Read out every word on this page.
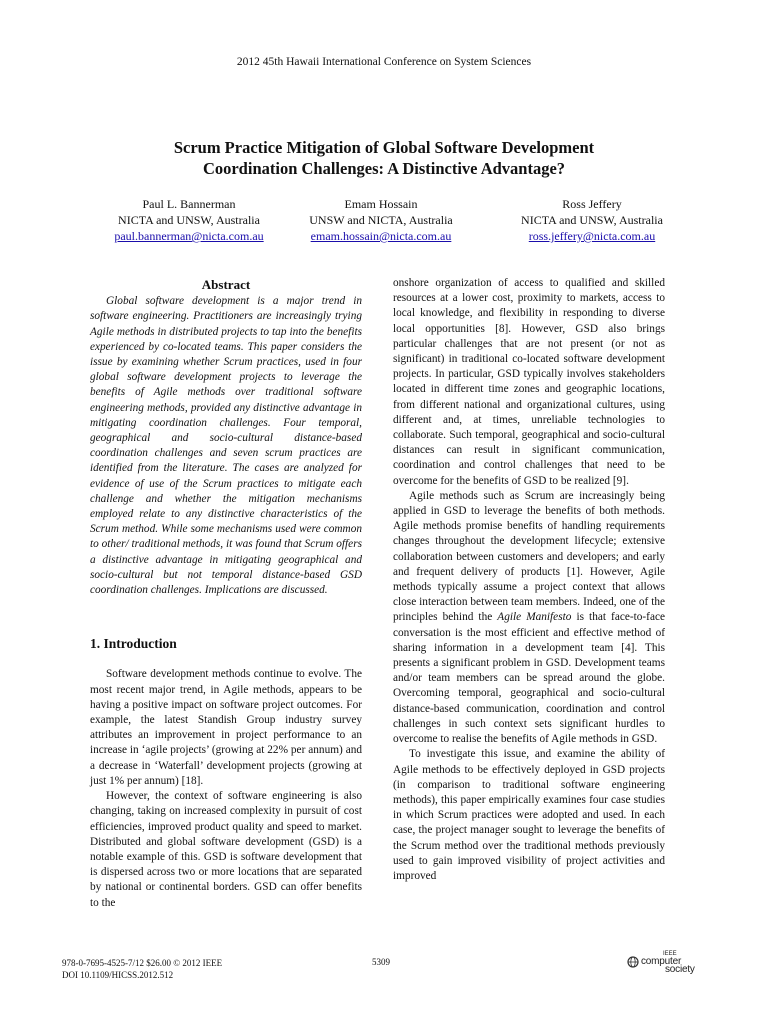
2012 45th Hawaii International Conference on System Sciences
Scrum Practice Mitigation of Global Software Development
Coordination Challenges: A Distinctive Advantage?
Paul L. Bannerman
NICTA and UNSW, Australia
paul.bannerman@nicta.com.au
Emam Hossain
UNSW and NICTA, Australia
emam.hossain@nicta.com.au
Ross Jeffery
NICTA and UNSW, Australia
ross.jeffery@nicta.com.au
Abstract

Global software development is a major trend in software engineering. Practitioners are increasingly trying Agile methods in distributed projects to tap into the benefits experienced by co-located teams. This paper considers the issue by examining whether Scrum practices, used in four global software development projects to leverage the benefits of Agile methods over traditional software engineering methods, provided any distinctive advantage in mitigating coordination challenges. Four temporal, geographical and socio-cultural distance-based coordination challenges and seven scrum practices are identified from the literature. The cases are analyzed for evidence of use of the Scrum practices to mitigate each challenge and whether the mitigation mechanisms employed relate to any distinctive characteristics of the Scrum method. While some mechanisms used were common to other/ traditional methods, it was found that Scrum offers a distinctive advantage in mitigating geographical and socio-cultural but not temporal distance-based GSD coordination challenges. Implications are discussed.

1. Introduction

Software development methods continue to evolve. The most recent major trend, in Agile methods, appears to be having a positive impact on software project outcomes. For example, the latest Standish Group industry survey attributes an improvement in project performance to an increase in ‘agile projects’ (growing at 22% per annum) and a decrease in ‘Waterfall’ development projects (growing at just 1% per annum) [18].

However, the context of software engineering is also changing, taking on increased complexity in pursuit of cost efficiencies, improved product quality and speed to market. Distributed and global software development (GSD) is a notable example of this. GSD is software development that is dispersed across two or more locations that are separated by national or continental borders. GSD can offer benefits to the

onshore organization of access to qualified and skilled resources at a lower cost, proximity to markets, access to local knowledge, and flexibility in responding to diverse local opportunities [8]. However, GSD also brings particular challenges that are not present (or not as significant) in traditional co-located software development projects. In particular, GSD typically involves stakeholders located in different time zones and geographic locations, from different national and organizational cultures, using different and, at times, unreliable technologies to collaborate. Such temporal, geographical and socio-cultural distances can result in significant communication, coordination and control challenges that need to be overcome for the benefits of GSD to be realized [9].

Agile methods such as Scrum are increasingly being applied in GSD to leverage the benefits of both methods. Agile methods promise benefits of handling requirements changes throughout the development lifecycle; extensive collaboration between customers and developers; and early and frequent delivery of products [1]. However, Agile methods typically assume a project context that allows close interaction between team members. Indeed, one of the principles behind the Agile Manifesto is that face-to-face conversation is the most efficient and effective method of sharing information in a development team [4]. This presents a significant problem in GSD. Development teams and/or team members can be spread around the globe. Overcoming temporal, geographical and socio-cultural distance-based communication, coordination and control challenges in such context sets significant hurdles to overcome to realise the benefits of Agile methods in GSD.

To investigate this issue, and examine the ability of Agile methods to be effectively deployed in GSD projects (in comparison to traditional software engineering methods), this paper empirically examines four case studies in which Scrum practices were adopted and used. In each case, the project manager sought to leverage the benefits of the Scrum method over the traditional methods previously used to gain improved visibility of project activities and improved

978-0-7695-4525-7/12 $26.00 © 2012 IEEE
DOI 10.1109/HICSS.2012.512
5309
IEEE
computer
society
